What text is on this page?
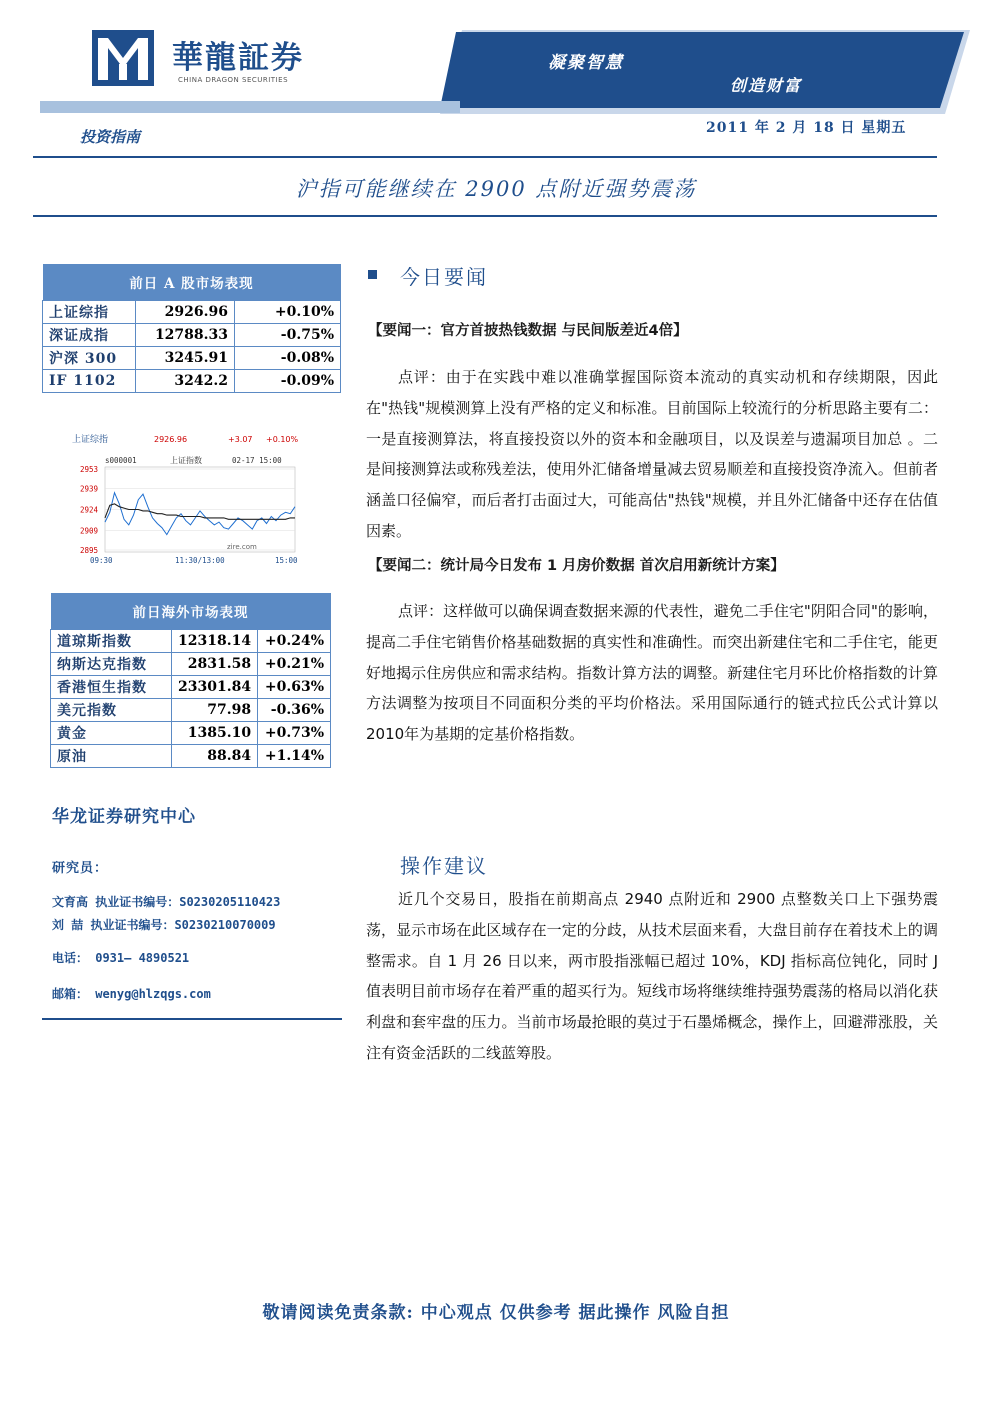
華龍証券
CHINA DRAGON SECURITIES
凝聚智慧
创造财富
投资指南	2011 年 2 月 18 日 星期五
沪指可能继续在 2900 点附近强势震荡
前日 A 股市场表现		
上证综指	2926.96	+0.10%
深证成指	12788.33	-0.75%
沪深 300	3245.91	-0.08%
IF 1102	3242.2	-0.09%
上证综指	2926.96	+3.07 +0.10%
s000001	上证指数	02-17 15:00
2953
2939
2924
2909
2895
09:30	11:30/13:00	15:00
zire.com
前日海外市场表现		
道琼斯指数	12318.14	+0.24%
纳斯达克指数	2831.58	+0.21%
香港恒生指数	23301.84	+0.63%
美元指数	77.98	-0.36%
黄金	1385.10	+0.73%
原油	88.84	+1.14%
华龙证券研究中心
研究员：
文育高 执业证书编号：S0230205110423
刘 喆 执业证书编号：S0230210070009
电话： 0931— 4890521
邮箱： wenyg@hlzqgs.com
今日要闻
【要闻一：官方首披热钱数据 与民间版差近4倍】
点评：由于在实践中难以准确掌握国际资本流动的真实动机和存续期限，因此在"热钱"规模测算上没有严格的定义和标准。目前国际上较流行的分析思路主要有二：一是直接测算法，将直接投资以外的资本和金融项目，以及误差与遗漏项目加总 。二是间接测算法或称残差法，使用外汇储备增量减去贸易顺差和直接投资净流入。但前者涵盖口径偏窄，而后者打击面过大，可能高估"热钱"规模，并且外汇储备中还存在估值因素。
【要闻二：统计局今日发布 1 月房价数据 首次启用新统计方案】
点评：这样做可以确保调查数据来源的代表性，避免二手住宅"阴阳合同"的影响，提高二手住宅销售价格基础数据的真实性和准确性。而突出新建住宅和二手住宅，能更好地揭示住房供应和需求结构。指数计算方法的调整。新建住宅月环比价格指数的计算方法调整为按项目不同面积分类的平均价格法。采用国际通行的链式拉氏公式计算以2010年为基期的定基价格指数。
操作建议
近几个交易日，股指在前期高点 2940 点附近和 2900 点整数关口上下强势震荡，显示市场在此区域存在一定的分歧，从技术层面来看，大盘目前存在着技术上的调整需求。自 1 月 26 日以来，两市股指涨幅已超过 10%，KDJ 指标高位钝化，同时 J 值表明目前市场存在着严重的超买行为。短线市场将继续维持强势震荡的格局以消化获利盘和套牢盘的压力。当前市场最抢眼的莫过于石墨烯概念，操作上，回避滞涨股，关注有资金活跃的二线蓝筹股。
敬请阅读免责条款: 中心观点 仅供参考 据此操作 风险自担
